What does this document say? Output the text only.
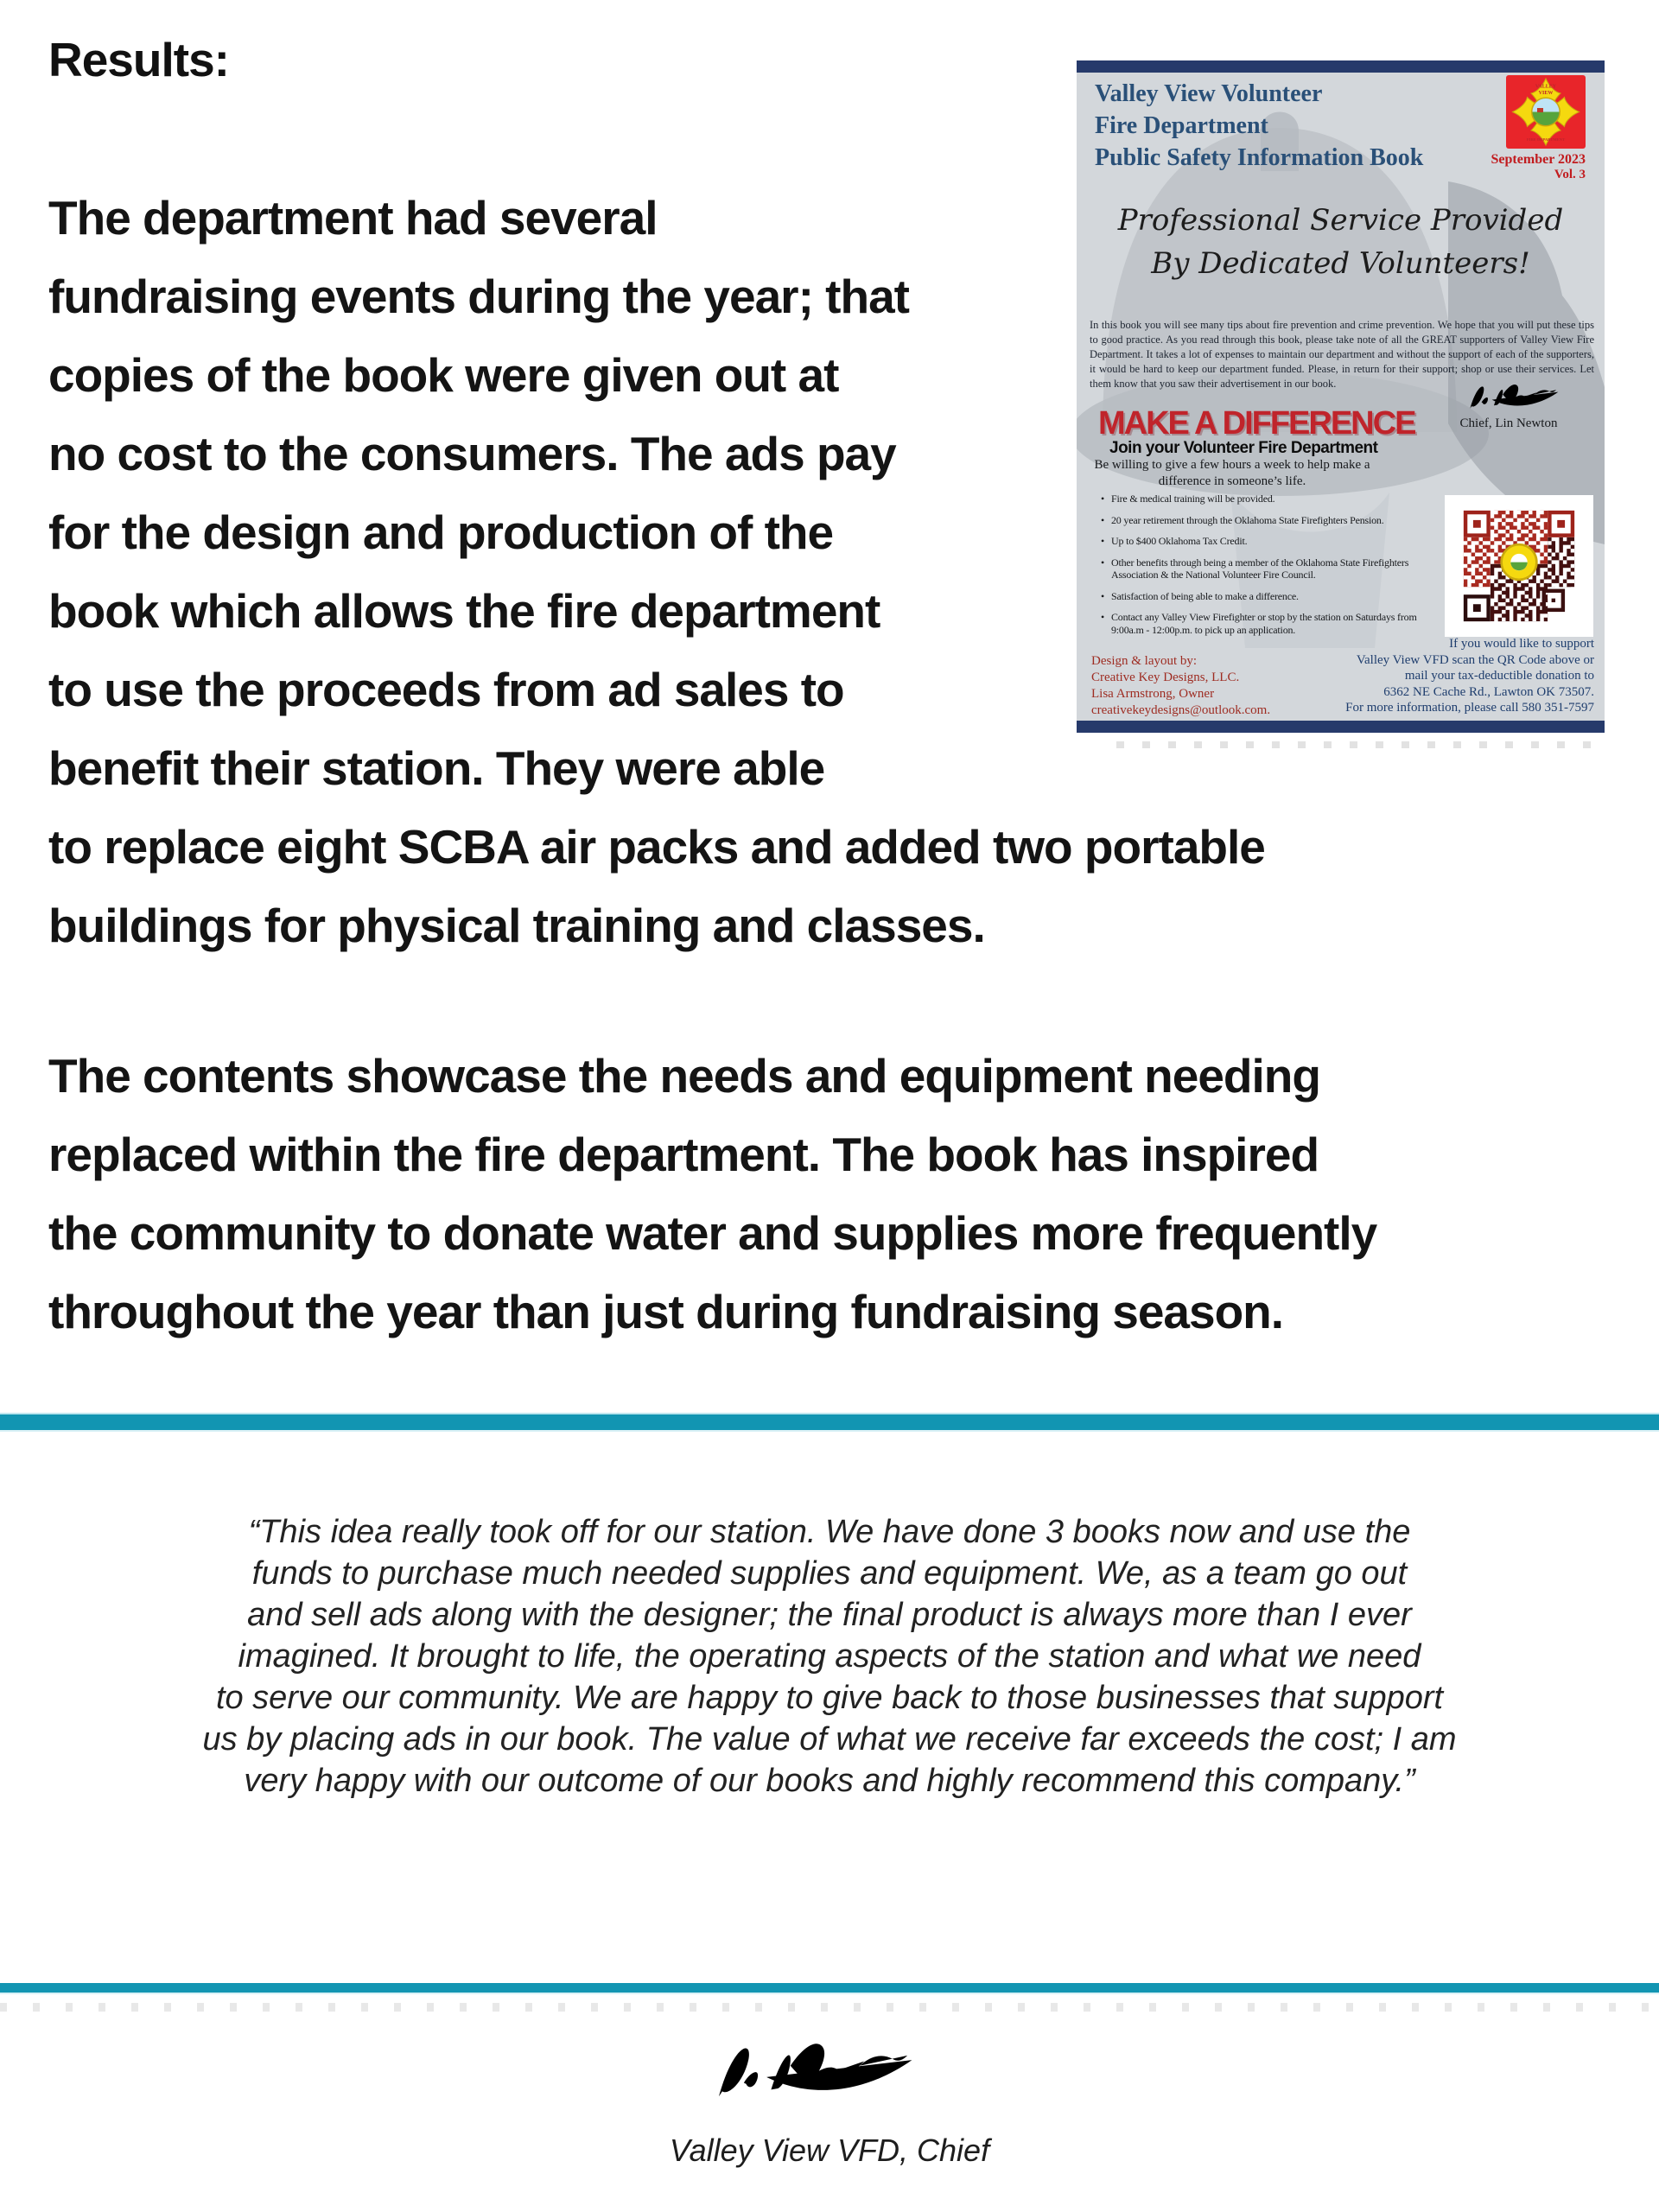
Results:
The department had several
fundraising events during the year; that
copies of the book were given out at
no cost to the consumers. The ads pay
for the design and production of the
book which allows the fire department
to use the proceeds from ad sales to
benefit their station. They were able
to replace eight SCBA air packs and added two portable
buildings for physical training and classes.
The contents showcase the needs and equipment needing
replaced within the fire department. The book has inspired
the community to donate water and supplies more frequently
throughout the year than just during fundraising season.
Valley View Volunteer
Fire Department
Public Safety Information Book
VALLEY
VIEW
FIRE DEPARTMENT
September 2023
Vol. 3
Professional Service Provided
By Dedicated Volunteers!

In this book you will see many tips about fire prevention and crime prevention. We hope that you will put these tips to good practice. As you read through this book, please take note of all the GREAT supporters of Valley View Fire Department. It takes a lot of expenses to maintain our department and without the support of each of the supporters, it would be hard to keep our department funded. Please, in return for their support; shop or use their services. Let them know that you saw their advertisement in our book.

Chief, Lin Newton
MAKE A DIFFERENCE
Join your Volunteer Fire Department
Be willing to give a few hours a week to help make a
difference in someone’s life.
• Fire & medical training will be provided.
• 20 year retirement through the Oklahoma State Firefighters Pension.
• Up to $400 Oklahoma Tax Credit.
• Other benefits through being a member of the Oklahoma State Firefighters Association & the National Volunteer Fire Council.
• Satisfaction of being able to make a difference.
• Contact any Valley View Firefighter or stop by the station on Saturdays from 9:00a.m - 12:00p.m. to pick up an application.
If you would like to support
Valley View VFD scan the QR Code above or
mail your tax-deductible donation to
6362 NE Cache Rd., Lawton OK 73507.
For more information, please call 580 351-7597
Design & layout by:
Creative Key Designs, LLC.
Lisa Armstrong, Owner
creativekeydesigns@outlook.com.
“This idea really took off for our station. We have done 3 books now and use the
funds to purchase much needed supplies and equipment. We, as a team go out
and sell ads along with the designer; the final product is always more than I ever
imagined. It brought to life, the operating aspects of the station and what we need
to serve our community. We are happy to give back to those businesses that support
us by placing ads in our book. The value of what we receive far exceeds the cost; I am
very happy with our outcome of our books and highly recommend this company.”
Valley View VFD, Chief
